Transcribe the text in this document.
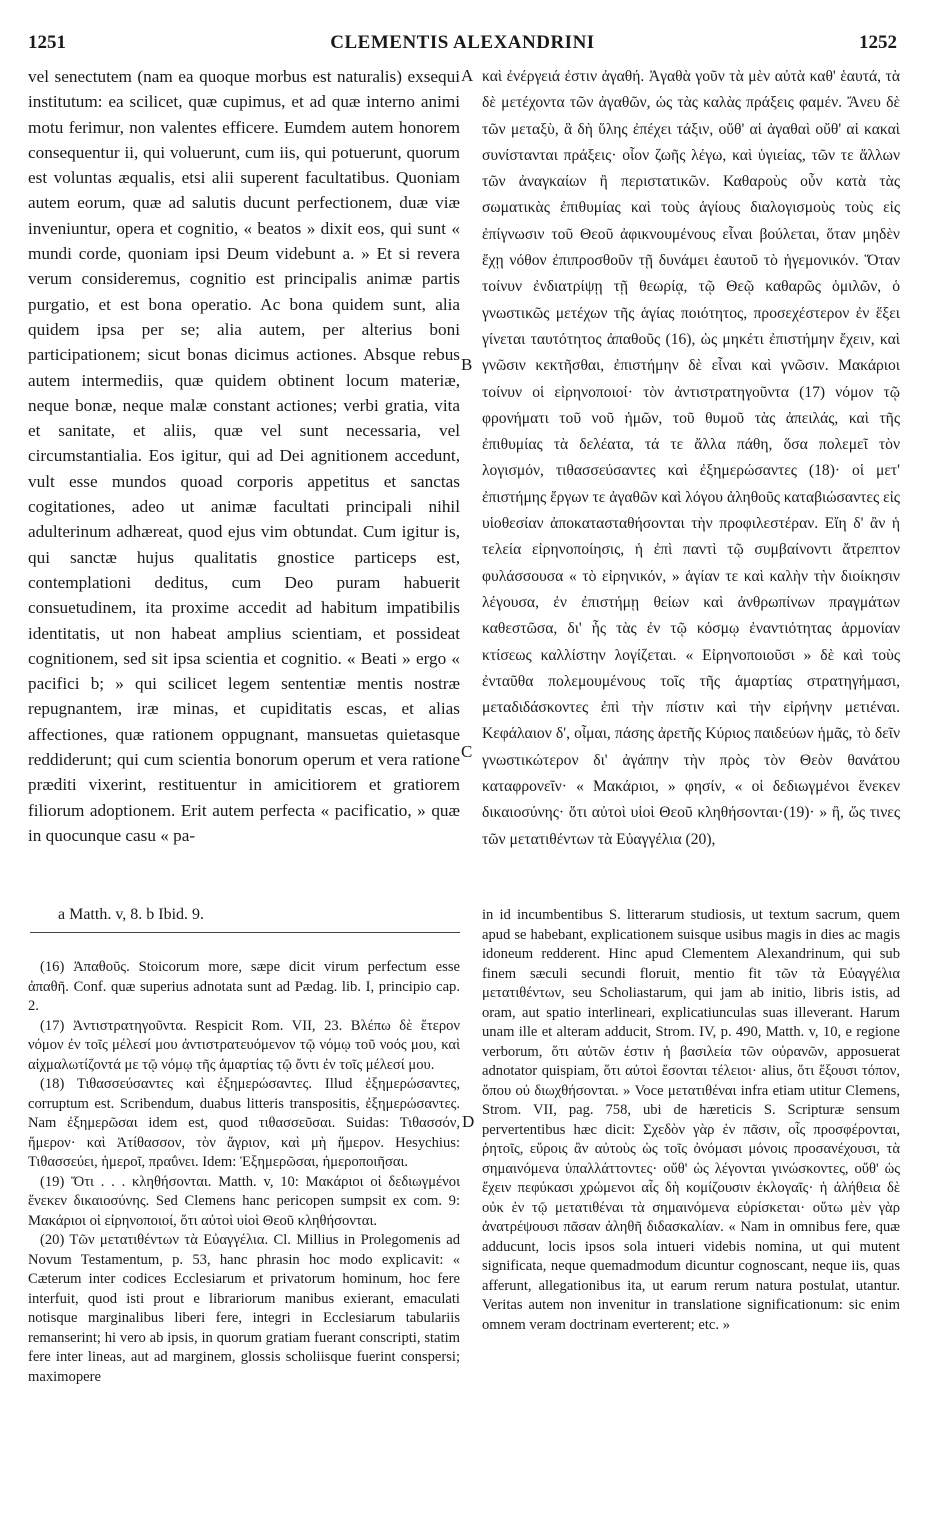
1251	CLEMENTIS ALEXANDRINI	1252

vel senectutem (nam ea quoque morbus est naturalis) exsequi institutum: ea scilicet, quæ cupimus, et ad quæ interno animi motu ferimur, non valentes efficere. Eumdem autem honorem consequentur ii, qui voluerunt, cum iis, qui potuerunt, quorum est voluntas æqualis, etsi alii superent facultatibus. Quoniam autem eorum, quæ ad salutis ducunt perfectionem, duæ viæ inveniuntur, opera et cognitio, « beatos » dixit eos, qui sunt « mundi corde, quoniam ipsi Deum videbunt a. » Et si revera verum consideremus, cognitio est principalis animæ partis purgatio, et est bona operatio. Ac bona quidem sunt, alia quidem ipsa per se; alia autem, per alterius boni participationem; sicut bonas dicimus actiones. Absque rebus autem intermediis, quæ quidem obtinent locum materiæ, neque bonæ, neque malæ constant actiones; verbi gratia, vita et sanitate, et aliis, quæ vel sunt necessaria, vel circumstantialia. Eos igitur, qui ad Dei agnitionem accedunt, vult esse mundos quoad corporis appetitus et sanctas cogitationes, adeo ut animæ facultati principali nihil adulterinum adhæreat, quod ejus vim obtundat. Cum igitur is, qui sanctæ hujus qualitatis gnostice particeps est, contemplationi deditus, cum Deo puram habuerit consuetudinem, ita proxime accedit ad habitum impatibilis identitatis, ut non habeat amplius scientiam, et possideat cognitionem, sed sit ipsa scientia et cognitio. « Beati » ergo « pacifici b; » qui scilicet legem sententiæ mentis nostræ repugnantem, iræ minas, et cupiditatis escas, et alias affectiones, quæ rationem oppugnant, mansuetas quietasque reddiderunt; qui cum scientia bonorum operum et vera ratione præditi vixerint, restituentur in amicitiorem et gratiorem filiorum adoptionem. Erit autem perfecta « pacificatio, » quæ in quocunque casu « pa-

A
B
C

καὶ ἐνέργειά ἐστιν ἀγαθή. Ἀγαθὰ γοῦν τὰ μὲν αὐτὰ καθ' ἑαυτά, τὰ δὲ μετέχοντα τῶν ἀγαθῶν, ὡς τὰς καλὰς πράξεις φαμέν. Ἄνευ δὲ τῶν μεταξὺ, ἃ δὴ ὕλης ἐπέχει τάξιν, οὔθ' αἱ ἀγαθαὶ οὔθ' αἱ κακαὶ συνίστανται πράξεις· οἷον ζωῆς λέγω, καὶ ὑγιείας, τῶν τε ἄλλων τῶν ἀναγκαίων ἢ περιστατικῶν. Καθαροὺς οὖν κατὰ τὰς σωματικὰς ἐπιθυμίας καὶ τοὺς ἁγίους διαλογισμοὺς τοὺς εἰς ἐπίγνωσιν τοῦ Θεοῦ ἀφικνουμένους εἶναι βούλεται, ὅταν μηδὲν ἔχῃ νόθον ἐπιπροσθοῦν τῇ δυνάμει ἑαυτοῦ τὸ ἡγεμονικόν. Ὅταν τοίνυν ἐνδιατρίψῃ τῇ θεωρίᾳ, τῷ Θεῷ καθαρῶς ὁμιλῶν, ὁ γνωστικῶς μετέχων τῆς ἁγίας ποιότητος, προσεχέστερον ἐν ἕξει γίνεται ταυτότητος ἀπαθοῦς (16), ὡς μηκέτι ἐπιστήμην ἔχειν, καὶ γνῶσιν κεκτῆσθαι, ἐπιστήμην δὲ εἶναι καὶ γνῶσιν. Μακάριοι τοίνυν οἱ εἰρηνοποιοί· τὸν ἀντιστρατηγοῦντα (17) νόμον τῷ φρονήματι τοῦ νοῦ ἡμῶν, τοῦ θυμοῦ τὰς ἀπειλάς, καὶ τῆς ἐπιθυμίας τὰ δελέατα, τά τε ἄλλα πάθη, ὅσα πολεμεῖ τὸν λογισμόν, τιθασσεύσαντες καὶ ἐξημερώσαντες (18)· οἱ μετ' ἐπιστήμης ἔργων τε ἀγαθῶν καὶ λόγου ἀληθοῦς καταβιώσαντες εἰς υἱοθεσίαν ἀποκατασταθήσονται τὴν προφιλεστέραν. Εἴη δ' ἂν ἡ τελεία εἰρηνοποίησις, ἡ ἐπὶ παντὶ τῷ συμβαίνοντι ἄτρεπτον φυλάσσουσα « τὸ εἰρηνικόν, » ἁγίαν τε καὶ καλὴν τὴν διοίκησιν λέγουσα, ἐν ἐπιστήμῃ θείων καὶ ἀνθρωπίνων πραγμάτων καθεστῶσα, δι' ἧς τὰς ἐν τῷ κόσμῳ ἐναντιότητας ἁρμονίαν κτίσεως καλλίστην λογίζεται. « Εἰρηνοποιοῦσι » δὲ καὶ τοὺς ἐνταῦθα πολεμουμένους τοῖς τῆς ἁμαρτίας στρατηγήμασι, μεταδιδάσκοντες ἐπὶ τὴν πίστιν καὶ τὴν εἰρήνην μετιέναι. Κεφάλαιον δ', οἶμαι, πάσης ἀρετῆς Κύριος παιδεύων ἡμᾶς, τὸ δεῖν γνωστικώτερον δι' ἀγάπην τὴν πρὸς τὸν Θεὸν θανάτου καταφρονεῖν· « Μακάριοι, » φησίν, « οἱ δεδιωγμένοι ἕνεκεν δικαιοσύνης· ὅτι αὐτοὶ υἱοὶ Θεοῦ κληθήσονται·(19)· » ἢ, ὥς τινες τῶν μετατιθέντων τὰ Εὐαγγέλια (20),

a Matth. v, 8. b Ibid. 9.

(16) Ἀπαθοῦς. Stoicorum more, sæpe dicit virum perfectum esse ἀπαθῆ. Conf. quæ superius adnotata sunt ad Pædag. lib. I, principio cap. 2.

(17) Ἀντιστρατηγοῦντα. Respicit Rom. VII, 23. Βλέπω δὲ ἕτερον νόμον ἐν τοῖς μέλεσί μου ἀντιστρατευόμενον τῷ νόμῳ τοῦ νοός μου, καὶ αἰχμαλωτίζοντά με τῷ νόμῳ τῆς ἁμαρτίας τῷ ὄντι ἐν τοῖς μέλεσί μου.

(18) Τιθασσεύσαντες καὶ ἐξημερώσαντες. Illud ἐξημερώσαντες, corruptum est. Scribendum, duabus litteris transpositis, ἐξημερώσαντες. Nam ἐξημερῶσαι idem est, quod τιθασσεῦσαι. Suidas: Τιθασσόν, ἥμερον· καὶ Ἀτίθασσον, τὸν ἄγριον, καὶ μὴ ἥμερον. Hesychius: Τιθασσεύει, ἡμεροῖ, πραΰνει. Idem: Ἐξημερῶσαι, ἡμεροποιῆσαι.

(19) Ὅτι . . . κληθήσονται. Matth. v, 10: Μακάριοι οἱ δεδιωγμένοι ἕνεκεν δικαιοσύνης. Sed Clemens hanc pericopen sumpsit ex com. 9: Μακάριοι οἱ εἰρηνοποιοί, ὅτι αὐτοὶ υἱοὶ Θεοῦ κληθήσονται.

(20) Τῶν μετατιθέντων τὰ Εὐαγγέλια. Cl. Millius in Prolegomenis ad Novum Testamentum, p. 53, hanc phrasin hoc modo explicavit: « Cæterum inter codices Ecclesiarum et privatorum hominum, hoc fere interfuit, quod isti prout e librariorum manibus exierant, emaculati notisque marginalibus liberi fere, integri in Ecclesiarum tabulariis remanserint; hi vero ab ipsis, in quorum gratiam fuerant conscripti, statim fere inter lineas, aut ad marginem, glossis scholiisque fuerint conspersi; maximopere

D

in id incumbentibus S. litterarum studiosis, ut textum sacrum, quem apud se habebant, explicationem suisque usibus magis in dies ac magis idoneum redderent. Hinc apud Clementem Alexandrinum, qui sub finem sæculi secundi floruit, mentio fit τῶν τὰ Εὐαγγέλια μετατιθέντων, seu Scholiastarum, qui jam ab initio, libris istis, ad oram, aut spatio interlineari, explicatiunculas suas illeverant. Harum unam ille et alteram adducit, Strom. IV, p. 490, Matth. v, 10, e regione verborum, ὅτι αὐτῶν ἐστιν ἡ βασιλεία τῶν οὐρανῶν, apposuerat adnotator quispiam, ὅτι αὐτοὶ ἔσονται τέλειοι· alius, ὅτι ἕξουσι τόπον, ὅπου οὐ διωχθήσονται. » Voce μετατιθέναι infra etiam utitur Clemens, Strom. VII, pag. 758, ubi de hæreticis S. Scripturæ sensum pervertentibus hæc dicit: Σχεδὸν γὰρ ἐν πᾶσιν, οἷς προσφέρονται, ῥητοῖς, εὕροις ἂν αὐτοὺς ὡς τοῖς ὀνόμασι μόνοις προσανέχουσι, τὰ σημαινόμενα ὑπαλλάττοντες· οὔθ' ὡς λέγονται γινώσκοντες, οὔθ' ὡς ἔχειν πεφύκασι χρώμενοι αἷς δὴ κομίζουσιν ἐκλογαῖς· ἡ ἀλήθεια δὲ οὐκ ἐν τῷ μετατιθέναι τὰ σημαινόμενα εὑρίσκεται· οὕτω μὲν γὰρ ἀνατρέψουσι πᾶσαν ἀληθῆ διδασκαλίαν. « Nam in omnibus fere, quæ adducunt, locis ipsos sola intueri videbis nomina, ut qui mutent significata, neque quemadmodum dicuntur cognoscant, neque iis, quas afferunt, allegationibus ita, ut earum rerum natura postulat, utantur. Veritas autem non invenitur in translatione significationum: sic enim omnem veram doctrinam everterent; etc. »
